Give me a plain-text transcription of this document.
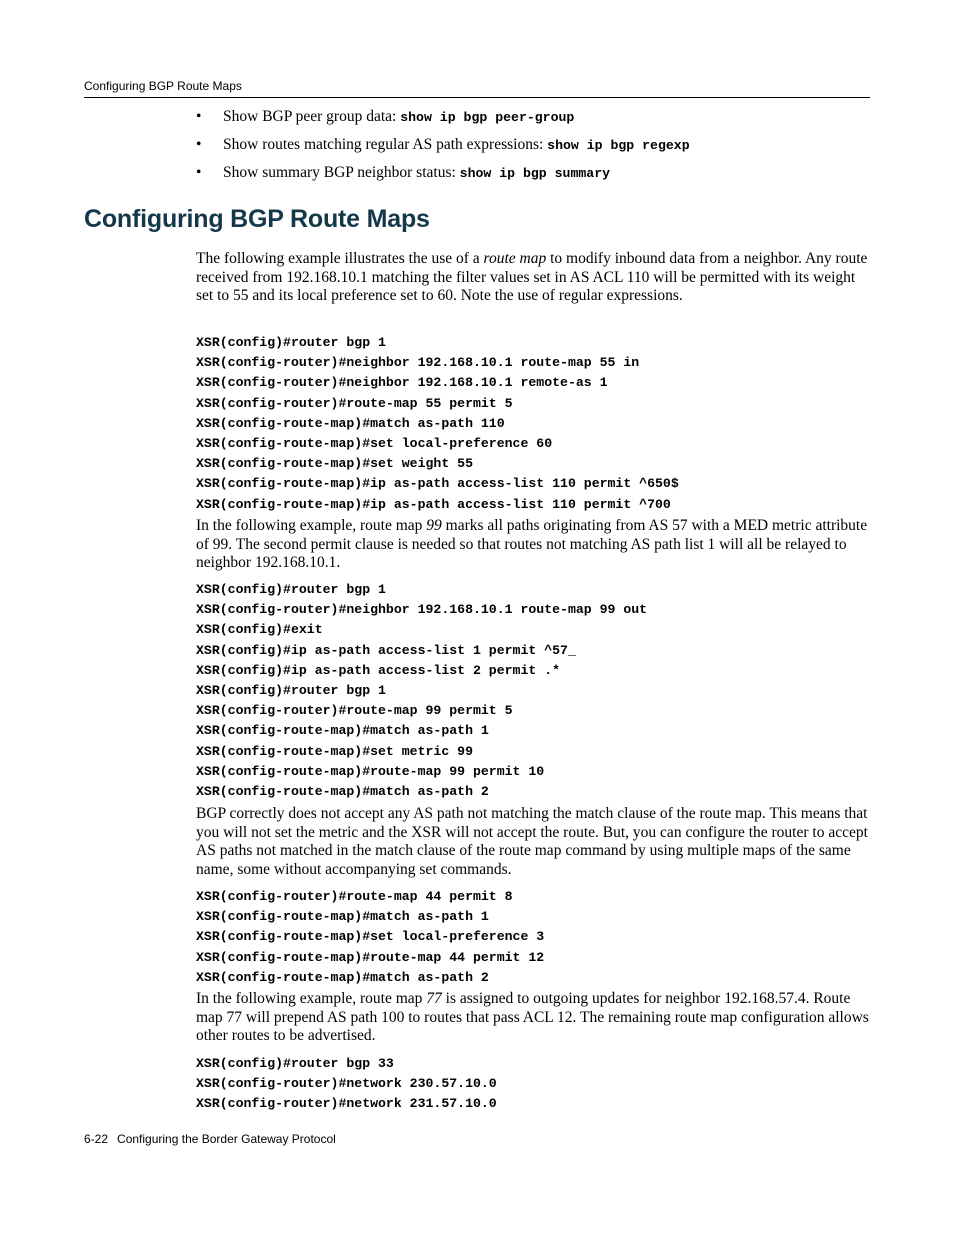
Configuring BGP Route Maps
• Show BGP peer group data: show ip bgp peer-group
• Show routes matching regular AS path expressions: show ip bgp regexp
• Show summary BGP neighbor status: show ip bgp summary
Configuring BGP Route Maps

The following example illustrates the use of a route map to modify inbound data from a neighbor. Any route received from 192.168.10.1 matching the filter values set in AS ACL 110 will be permitted with its weight set to 55 and its local preference set to 60. Note the use of regular expressions.

XSR(config)#router bgp 1
XSR(config-router)#neighbor 192.168.10.1 route-map 55 in
XSR(config-router)#neighbor 192.168.10.1 remote-as 1
XSR(config-router)#route-map 55 permit 5
XSR(config-route-map)#match as-path 110
XSR(config-route-map)#set local-preference 60
XSR(config-route-map)#set weight 55
XSR(config-route-map)#ip as-path access-list 110 permit ^650$
XSR(config-route-map)#ip as-path access-list 110 permit ^700

In the following example, route map 99 marks all paths originating from AS 57 with a MED metric attribute of 99. The second permit clause is needed so that routes not matching AS path list 1 will all be relayed to neighbor 192.168.10.1.

XSR(config)#router bgp 1
XSR(config-router)#neighbor 192.168.10.1 route-map 99 out
XSR(config)#exit
XSR(config)#ip as-path access-list 1 permit ^57_
XSR(config)#ip as-path access-list 2 permit .*
XSR(config)#router bgp 1
XSR(config-router)#route-map 99 permit 5
XSR(config-route-map)#match as-path 1
XSR(config-route-map)#set metric 99
XSR(config-route-map)#route-map 99 permit 10
XSR(config-route-map)#match as-path 2

BGP correctly does not accept any AS path not matching the match clause of the route map. This means that you will not set the metric and the XSR will not accept the route. But, you can configure the router to accept AS paths not matched in the match clause of the route map command by using multiple maps of the same name, some without accompanying set commands.

XSR(config-router)#route-map 44 permit 8
XSR(config-route-map)#match as-path 1
XSR(config-route-map)#set local-preference 3
XSR(config-route-map)#route-map 44 permit 12
XSR(config-route-map)#match as-path 2

In the following example, route map 77 is assigned to outgoing updates for neighbor 192.168.57.4. Route map 77 will prepend AS path 100 to routes that pass ACL 12. The remaining route map configuration allows other routes to be advertised.

XSR(config)#router bgp 33
XSR(config-router)#network 230.57.10.0
XSR(config-router)#network 231.57.10.0
6-22 Configuring the Border Gateway Protocol
